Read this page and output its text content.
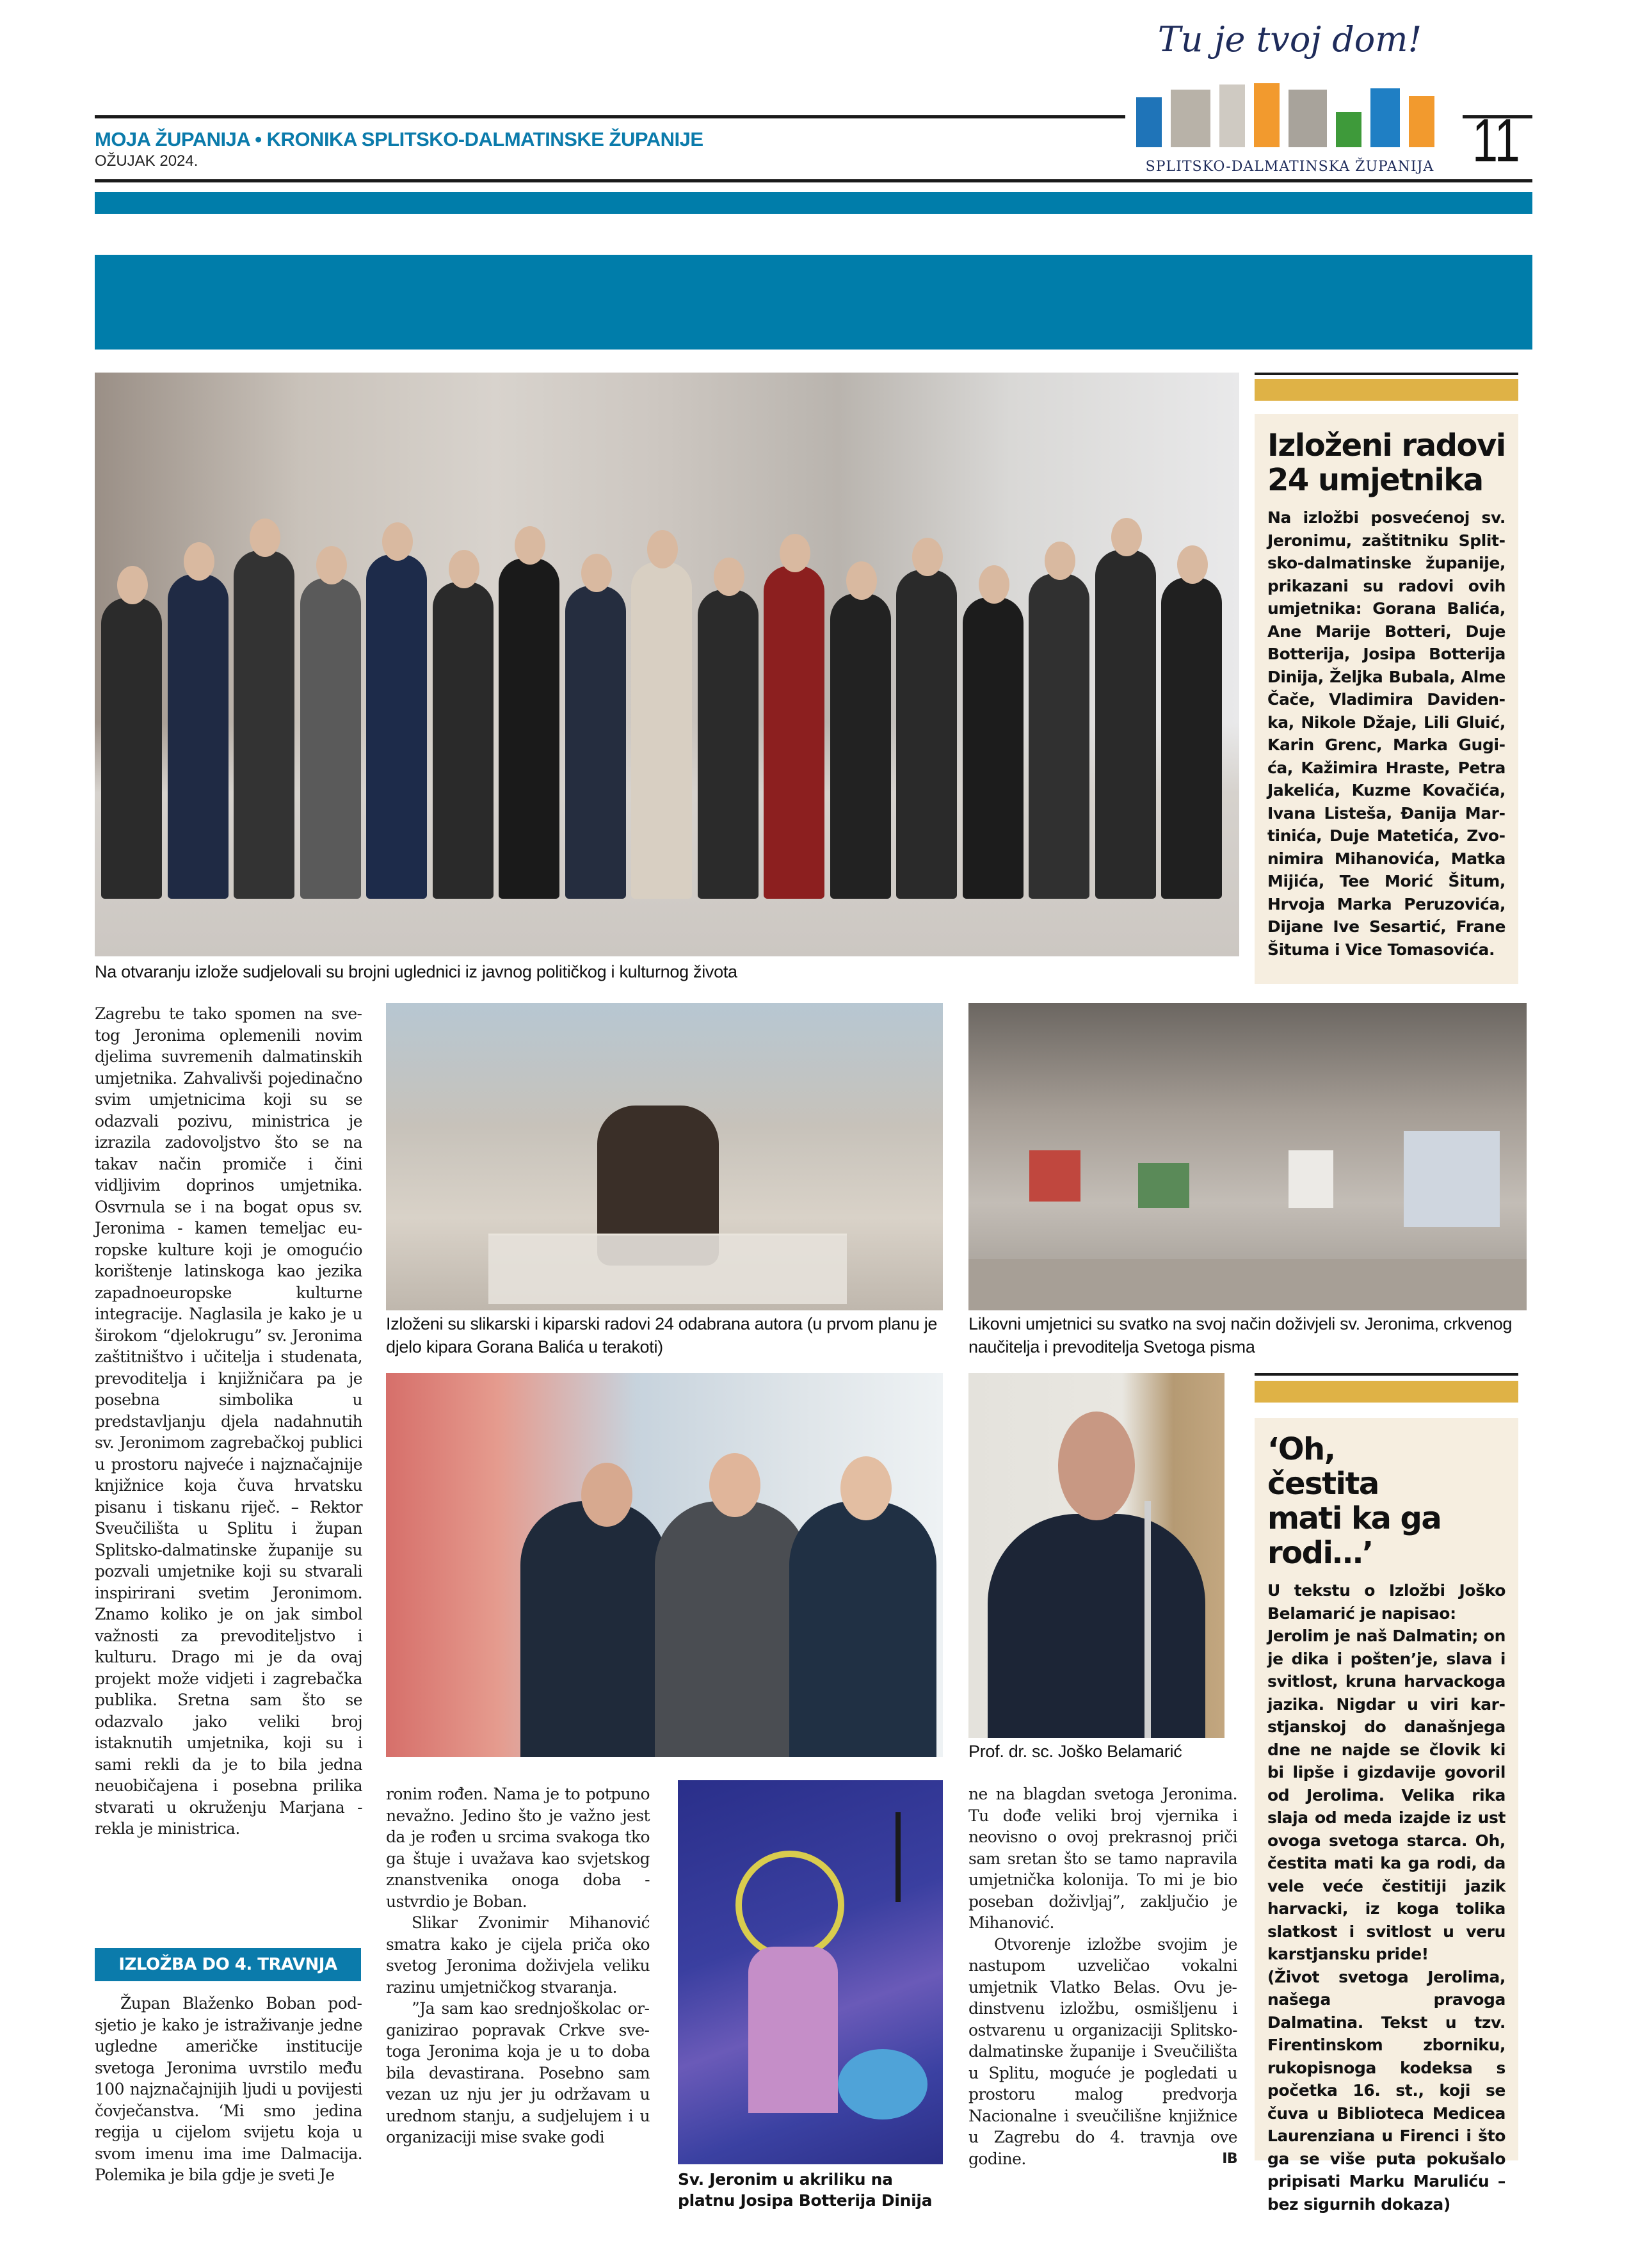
MOJA ŽUPANIJA • KRONIKA SPLITSKO-DALMATINSKE ŽUPANIJE
OŽUJAK 2024.
Tu je tvoj dom!
SPLITSKO-DALMATINSKA ŽUPANIJA 11
Na otvaranju izlože sudjelovali su brojni uglednici iz javnog političkog i kulturnog života
Izloženi radovi 24 umjetnika

Na izložbi posvećenoj sv. Jeronimu, zaštitniku Splitsko-dalmatinske županije, prikazani su radovi ovih umjetnika: Gorana Balića, Ane Marije Botteri, Duje Botterija, Josipa Botterija Dinija, Željka Bubala, Alme Čače, Vladimira Davidenka, Nikole Džaje, Lili Gluić, Karin Grenc, Marka Gugića, Kažimira Hraste, Petra Jakelića, Kuzme Kovačića, Ivana Listeša, Đanija Martinića, Duje Matetića, Zvonimira Mihanovića, Matka Mijića, Tee Morić Šitum, Hrvoja Marka Peruzovića, Dijane Ive Sesartić, Frane Šituma i Vice Tomasovića.

Zagrebu te tako spomen na svetog Jeronima oplemenili novim djelima suvremenih dalmatinskih umjetnika. Zahvalivši pojedinačno svim umjetnicima koji su se odazvali pozivu, ministrica je izrazila zadovoljstvo što se na takav način promiče i čini vidljivim doprinos umjetnika. Osvrnula se i na bogat opus sv. Jeronima - kamen temeljac europske kulture koji je omogućio korištenje latinskoga kao jezika zapadnoeuropske kulturne integracije. Naglasila je kako je u širokom “djelokrugu” sv. Jeronima zaštitništvo i učitelja i studenata, prevoditelja i knjižničara pa je posebna simbolika u predstavljanju djela nadahnutih sv. Jeronimom zagrebačkoj publici u prostoru najveće i najznačajnije knjižnice koja čuva hrvatsku pisanu i tiskanu riječ. – Rektor Sveučilišta u Splitu i župan Splitsko-dalmatinske županije su pozvali umjetnike koji su stvarali inspirirani svetim Jeronimom. Znamo koliko je on jak simbol važnosti za prevoditeljstvo i kulturu. Drago mi je da ovaj projekt može vidjeti i zagrebačka publika. Sretna sam što se odazvalo jako veliki broj istaknutih umjetnika, koji su i sami rekli da je to bila jedna neuobičajena i posebna prilika stvarati u okruženju Marjana - rekla je ministrica.

IZLOŽBA DO 4. TRAVNJA

Župan Blaženko Boban podsjetio je kako je istraživanje jedne ugledne američke institucije svetoga Jeronima uvrstilo među 100 najznačajnijih ljudi u povijesti čovječanstva. ‘Mi smo jedina regija u cijelom svijetu koja u svom imenu ima ime Dalmacija. Polemika je bila gdje je sveti Je

Izloženi su slikarski i kiparski radovi 24 odabrana autora (u prvom planu je djelo kipara Gorana Balića u terakoti)
Likovni umjetnici su svatko na svoj način doživjeli sv. Jeronima, crkvenog naučitelja i prevoditelja Svetoga pisma
Prof. dr. sc. Joško Belamarić

ronim rođen. Nama je to potpuno nevažno. Jedino što je važno jest da je rođen u srcima svakoga tko ga štuje i uvažava kao svjetskog znanstvenika onoga doba - ustvrdio je Boban.

Slikar Zvonimir Mihanović smatra kako je cijela priča oko svetog Jeronima doživjela veliku razinu umjetničkog stvaranja.

”Ja sam kao srednjoškolac organizirao popravak Crkve svetoga Jeronima koja je u to doba bila devastirana. Posebno sam vezan uz nju jer ju održavam u urednom stanju, a sudjelujem i u organizaciji mise svake godi

Sv. Jeronim u akriliku na platnu Josipa Botterija Dinija

ne na blagdan svetoga Jeronima. Tu dođe veliki broj vjernika i neovisno o ovoj prekrasnoj priči sam sretan što se tamo napravila umjetnička kolonija. To mi je bio poseban doživljaj”, zaključio je Mihanović.

Otvorenje izložbe svojim je nastupom uzveličao vokalni umjetnik Vlatko Belas. Ovu jedinstvenu izložbu, osmišljenu i ostvarenu u organizaciji Splitsko-dalmatinske županije i Sveučilišta u Splitu, moguće je pogledati u prostoru malog predvorja Nacionalne i sveučilišne knjižnice u Zagrebu do 4. travnja ove godine.	IB

‘Oh, čestita mati ka ga rodi…’

U tekstu o Izložbi Joško Belamarić je napisao:

Jerolim je naš Dalmatin; on je dika i pošten’je, slava i svitlost, kruna harvackoga jazika. Nigdar u viri karstjanskoj do današnjega dne ne najde se človik ki bi lipše i gizdavije govoril od Jerolima. Velika rika slaja od meda izajde iz ust ovoga svetoga starca. Oh, čestita mati ka ga rodi, da vele veće čestitiji jazik harvacki, iz koga tolika slatkost i svitlost u veru karstjansku pride!

(Život svetoga Jerolima, našega pravoga Dalmatina. Tekst u tzv. Firentinskom zborniku, rukopisnoga kodeksa s početka 16. st., koji se čuva u Biblioteca Medicea Laurenziana u Firenci i što ga se više puta pokušalo pripisati Marku Maruliću – bez sigurnih dokaza)
